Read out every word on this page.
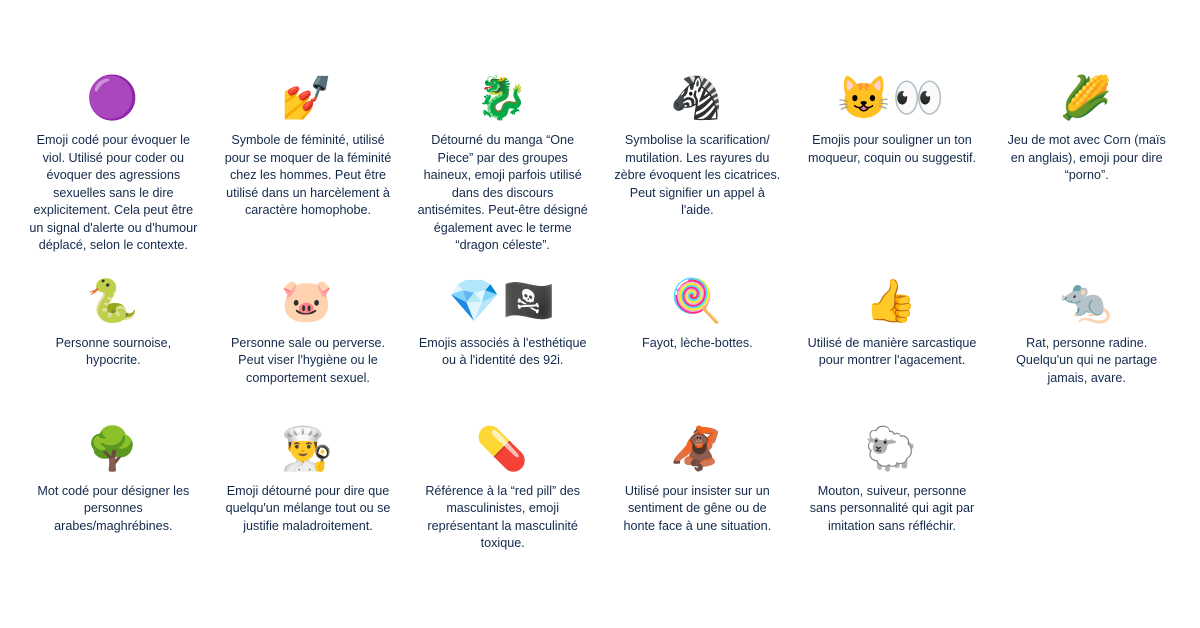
🟣
Emoji codé pour évoquer le viol. Utilisé pour coder ou évoquer des agressions sexuelles sans le dire explicitement. Cela peut être un signal d'alerte ou d'humour déplacé, selon le contexte.
💅
Symbole de féminité, utilisé pour se moquer de la féminité chez les hommes. Peut être utilisé dans un harcèlement à caractère homophobe.
🐉
Détourné du manga “One Piece” par des groupes haineux, emoji parfois utilisé dans des discours antisémites. Peut-être désigné également avec le terme “dragon céleste”.
🦓
Symbolise la scarification/ mutilation. Les rayures du zèbre évoquent les cicatrices. Peut signifier un appel à l'aide.
😺👀
Emojis pour souligner un ton moqueur, coquin ou suggestif.
🌽
Jeu de mot avec Corn (maïs en anglais), emoji pour dire “porno”.
🐍
Personne sournoise, hypocrite.
🐷
Personne sale ou perverse. Peut viser l'hygiène ou le comportement sexuel.
💎🏴‍☠️
Emojis associés à l'esthétique ou à l'identité des 92i.
🍭
Fayot, lèche-bottes.
👍
Utilisé de manière sarcastique pour montrer l'agacement.
🐀
Rat, personne radine. Quelqu'un qui ne partage jamais, avare.
🌳
Mot codé pour désigner les personnes arabes/maghrébines.
👨‍🍳
Emoji détourné pour dire que quelqu'un mélange tout ou se justifie maladroitement.
💊
Référence à la “red pill” des masculinistes, emoji représentant la masculinité toxique.
🦧
Utilisé pour insister sur un sentiment de gêne ou de honte face à une situation.
🐑
Mouton, suiveur, personne sans personnalité qui agit par imitation sans réfléchir.
